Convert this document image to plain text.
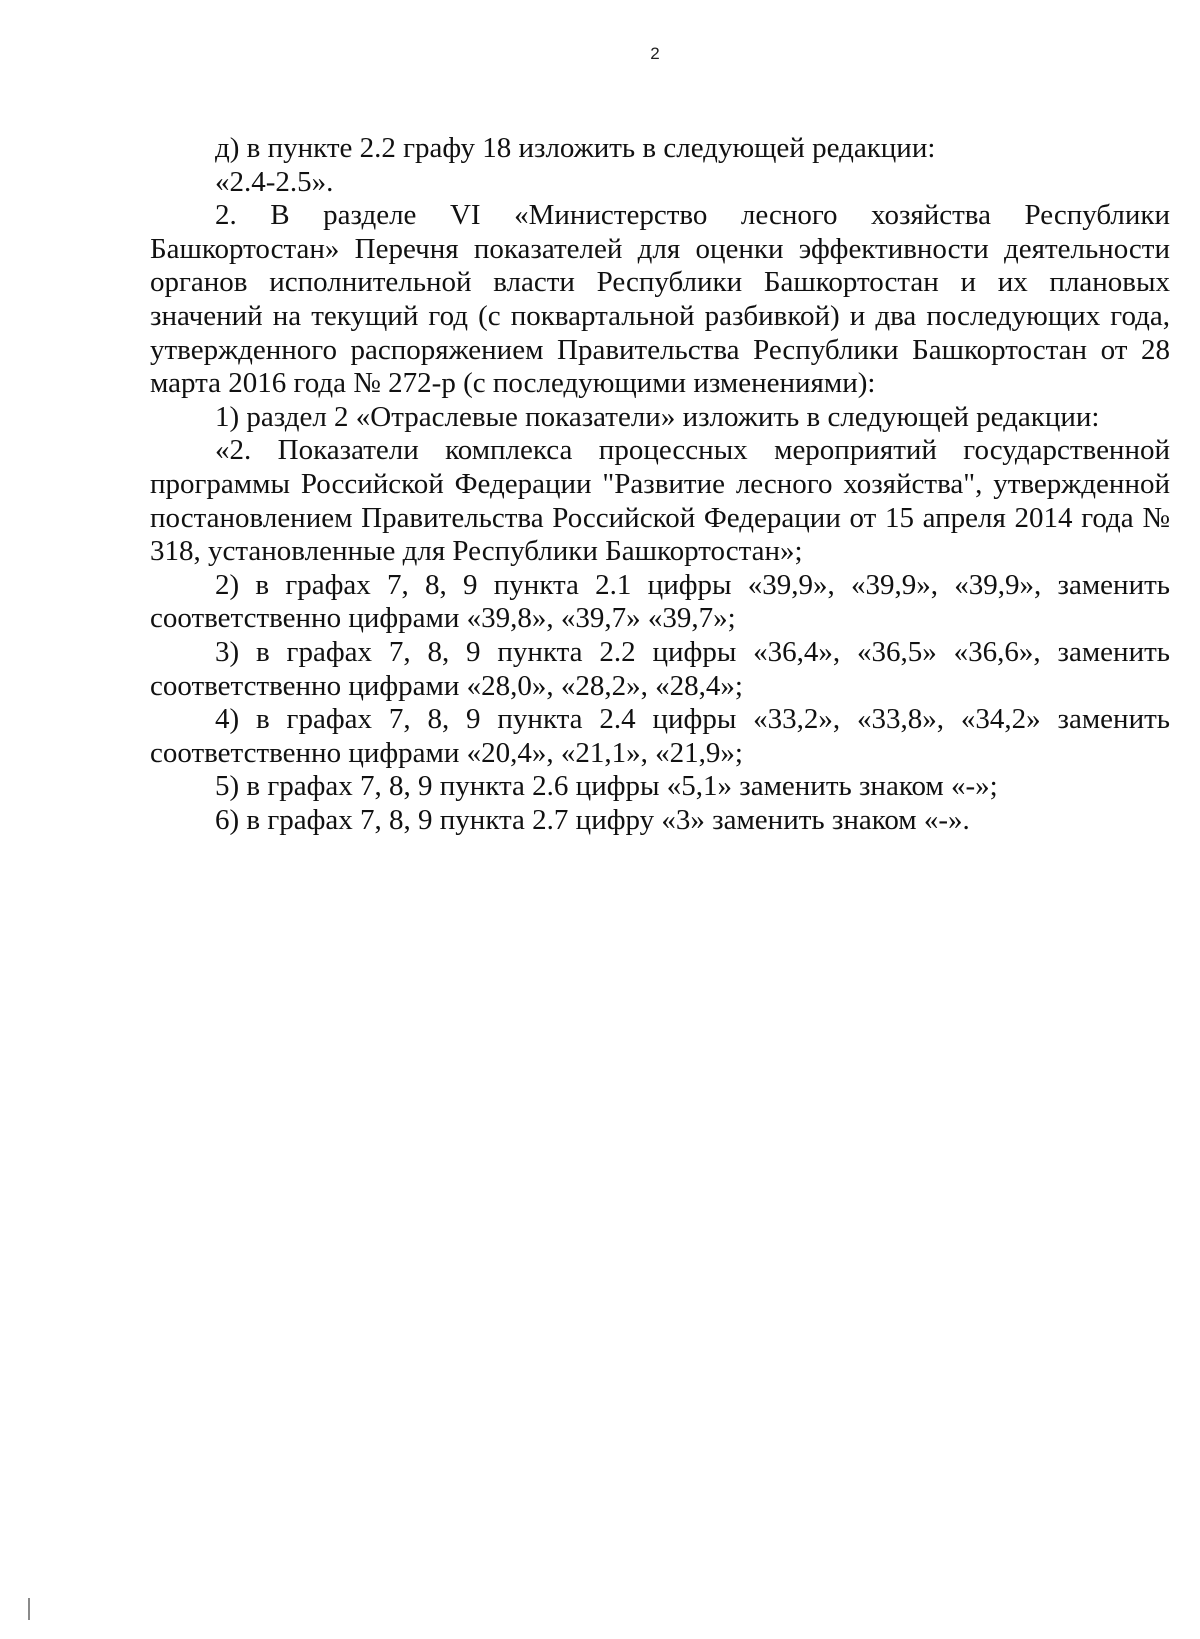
2

д) в пункте 2.2 графу 18 изложить в следующей редакции:

«2.4-2.5».

2. В разделе VI «Министерство лесного хозяйства Республики Башкортостан» Перечня показателей для оценки эффективности деятельности органов исполнительной власти Республики Башкортостан и их плановых значений на текущий год (с поквартальной разбивкой) и два последующих года, утвержденного распоряжением Правительства Республики Башкортостан от 28 марта 2016 года № 272-р (с последующими изменениями):

1) раздел 2 «Отраслевые показатели» изложить в следующей редакции:

«2. Показатели комплекса процессных мероприятий государственной программы Российской Федерации "Развитие лесного хозяйства", утвержденной постановлением Правительства Российской Федерации от 15 апреля 2014 года № 318, установленные для Республики Башкортостан»;

2) в графах 7, 8, 9 пункта 2.1 цифры «39,9», «39,9», «39,9», заменить соответственно цифрами «39,8», «39,7» «39,7»;

3) в графах 7, 8, 9 пункта 2.2 цифры «36,4», «36,5» «36,6», заменить соответственно цифрами «28,0», «28,2», «28,4»;

4) в графах 7, 8, 9 пункта 2.4 цифры «33,2», «33,8», «34,2» заменить соответственно цифрами «20,4», «21,1», «21,9»;

5) в графах 7, 8, 9 пункта 2.6 цифры «5,1» заменить знаком «-»;

6) в графах 7, 8, 9 пункта 2.7 цифру «3» заменить знаком «-».
